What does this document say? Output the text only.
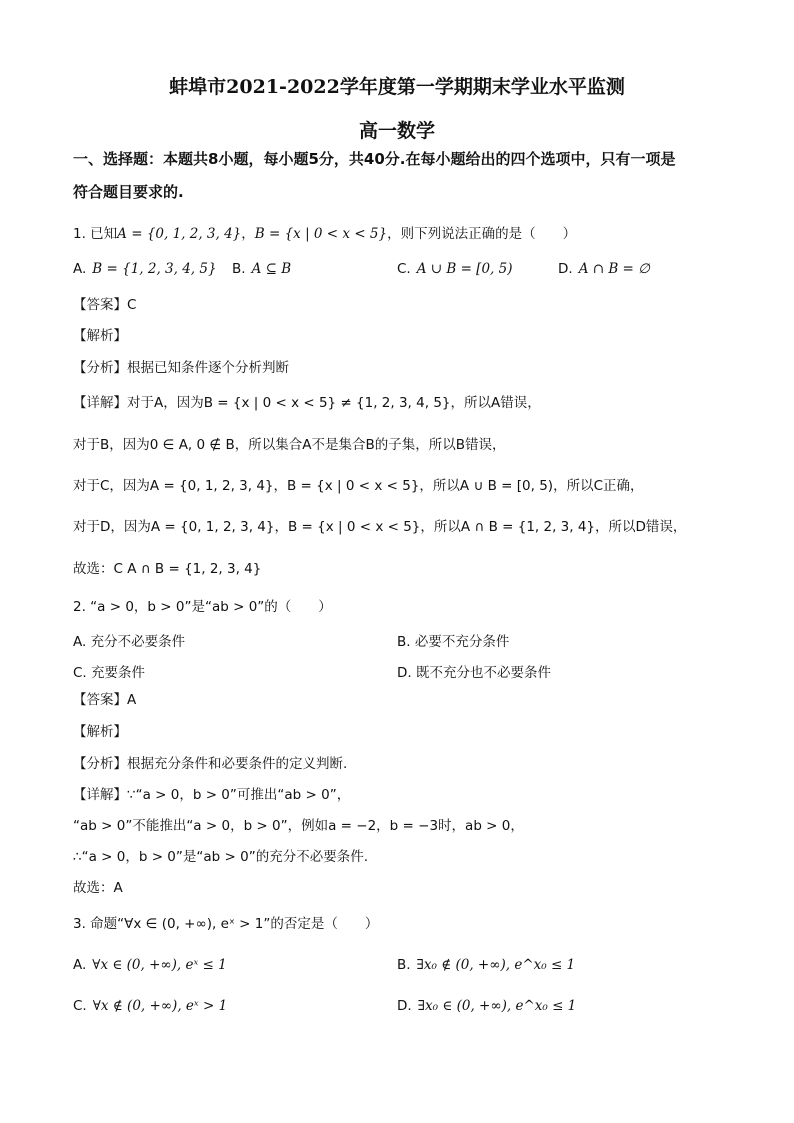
蚌埠市2021-2022学年度第一学期期末学业水平监测
高一数学
一、选择题：本题共8小题，每小题5分，共40分.在每小题给出的四个选项中，只有一项是
符合题目要求的.
1. 已知A = {0, 1, 2, 3, 4}，B = {x | 0 < x < 5}，则下列说法正确的是（　　）
A. B = {1, 2, 3, 4, 5} B. A ⊆ B	C. A ∪ B = [0, 5)	D. A ∩ B = ∅
【答案】C
【解析】
【分析】根据已知条件逐个分析判断
【详解】对于A，因为B = {x | 0 < x < 5} ≠ {1, 2, 3, 4, 5}，所以A错误，
对于B，因为0 ∈ A, 0 ∉ B，所以集合A不是集合B的子集，所以B错误，
对于C，因为A = {0, 1, 2, 3, 4}，B = {x | 0 < x < 5}，所以A ∪ B = [0, 5)，所以C正确，
对于D，因为A = {0, 1, 2, 3, 4}，B = {x | 0 < x < 5}，所以A ∩ B = {1, 2, 3, 4}，所以D错误，
故选：C A ∩ B = {1, 2, 3, 4}
2. “a > 0，b > 0”是“ab > 0”的（　　）
A. 充分不必要条件	B. 必要不充分条件
C. 充要条件	D. 既不充分也不必要条件
【答案】A
【解析】
【分析】根据充分条件和必要条件的定义判断.
【详解】∵“a > 0，b > 0”可推出“ab > 0”，
“ab > 0”不能推出“a > 0，b > 0”，例如a = −2，b = −3时，ab > 0，
∴“a > 0，b > 0”是“ab > 0”的充分不必要条件.
故选：A
3. 命题“∀x ∈ (0, +∞), eˣ > 1”的否定是（　　）
A. ∀x ∈ (0, +∞), eˣ ≤ 1	B. ∃x₀ ∉ (0, +∞), e^x₀ ≤ 1
C. ∀x ∉ (0, +∞), eˣ > 1	D. ∃x₀ ∈ (0, +∞), e^x₀ ≤ 1
